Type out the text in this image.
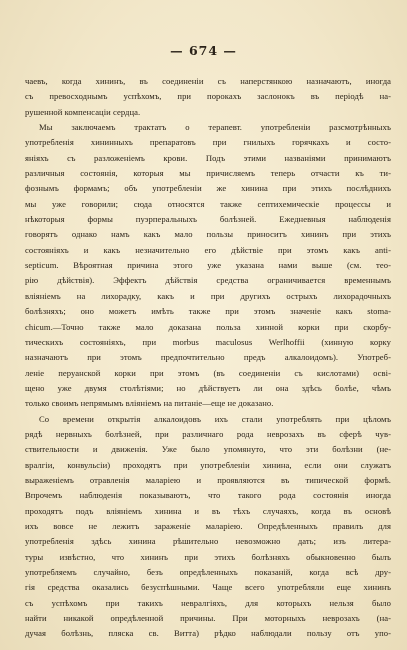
— 674 —
чаевъ, когда хининъ, въ соединеніи съ наперстянкою назначаютъ, иногда
съ превосходнымъ успѣхомъ, при порокахъ заслонокъ въ періодѣ на-
рушенной компенсаціи сердца.
Мы заключаемъ трактатъ о терапевт. употребленіи разсмотрѣнныхъ
употребленія хининныхъ препаратовъ при гнилыхъ горячкахъ и состо-
яніяхъ съ разложеніемъ крови. Подъ этими названіями принимаютъ
различныя состоянія, которыя мы причисляемъ теперь отчасти къ ти-
фознымъ формамъ; объ употребленіи же хинина при этихъ послѣднихъ
мы уже говорили; сюда относятся также септихемическіе процессы и
нѣкоторыя формы пуэрперальныхъ болѣзней. Ежедневныя наблюденія
говорятъ однако намъ какъ мало пользы приноситъ хининъ при этихъ
состояніяхъ и какъ незначительно его дѣйствіе при этомъ какъ anti-
septicum. Вѣроятная причина этого уже указана нами выше (см. тео-
рію дѣйствія). Эффектъ дѣйствія средства ограничивается временнымъ
вліяніемъ на лихорадку, какъ и при другихъ острыхъ лихорадочныхъ
болѣзняхъ; оно можетъ имѣть также при этомъ значеніе какъ stoma-
chicum.—Точно также мало доказана польза хинной корки при скорбу-
тическихъ состояніяхъ, при morbus maculosus Werlhoffii (хинную корку
назначаютъ при этомъ предпочтительно предъ алкалоидомъ). Употреб-
леніе перуанской корки при этомъ (въ соединеніи съ кислотами) осві-
щено уже двумя столѣтіями; но дѣйствуетъ ли она здѣсь болѣе, чѣмъ
только своимъ непрямымъ вліяніемъ на питаніе—еще не доказано.
Со времени открытія алкалоидовъ ихъ стали употреблять при цѣломъ
рядѣ нервныхъ болѣзней, при различнаго рода неврозахъ въ сферѣ чув-
ствительности и движенія. Уже было упомянуто, что эти болѣзни (не-
вралгіи, конвульсіи) проходятъ при употребленіи хинина, если они служатъ
выраженіемъ отравленія маларіею и проявляются въ типической формѣ.
Впрочемъ наблюденія показываютъ, что такого рода состоянія иногда
проходятъ подъ вліяніемъ хинина и въ тѣхъ случаяхъ, когда въ основѣ
ихъ вовсе не лежитъ зараженіе маларіею. Опредѣленныхъ правилъ для
употребленія здѣсь хинина рѣшительно невозможно дать; изъ литера-
туры извѣстно, что хининъ при этихъ болѣзняхъ обыкновенно былъ
употребляемъ случайно, безъ опредѣленныхъ показаній, когда всѣ дру-
гія средства оказались безуспѣшными. Чаще всего употребляли еще хининъ
съ успѣхомъ при такихъ невралгіяхъ, для которыхъ нельзя было
найти никакой опредѣленной причины. При моторныхъ неврозахъ (на-
дучая болѣзнь, пляска св. Витта) рѣдко наблюдали пользу отъ упо-
